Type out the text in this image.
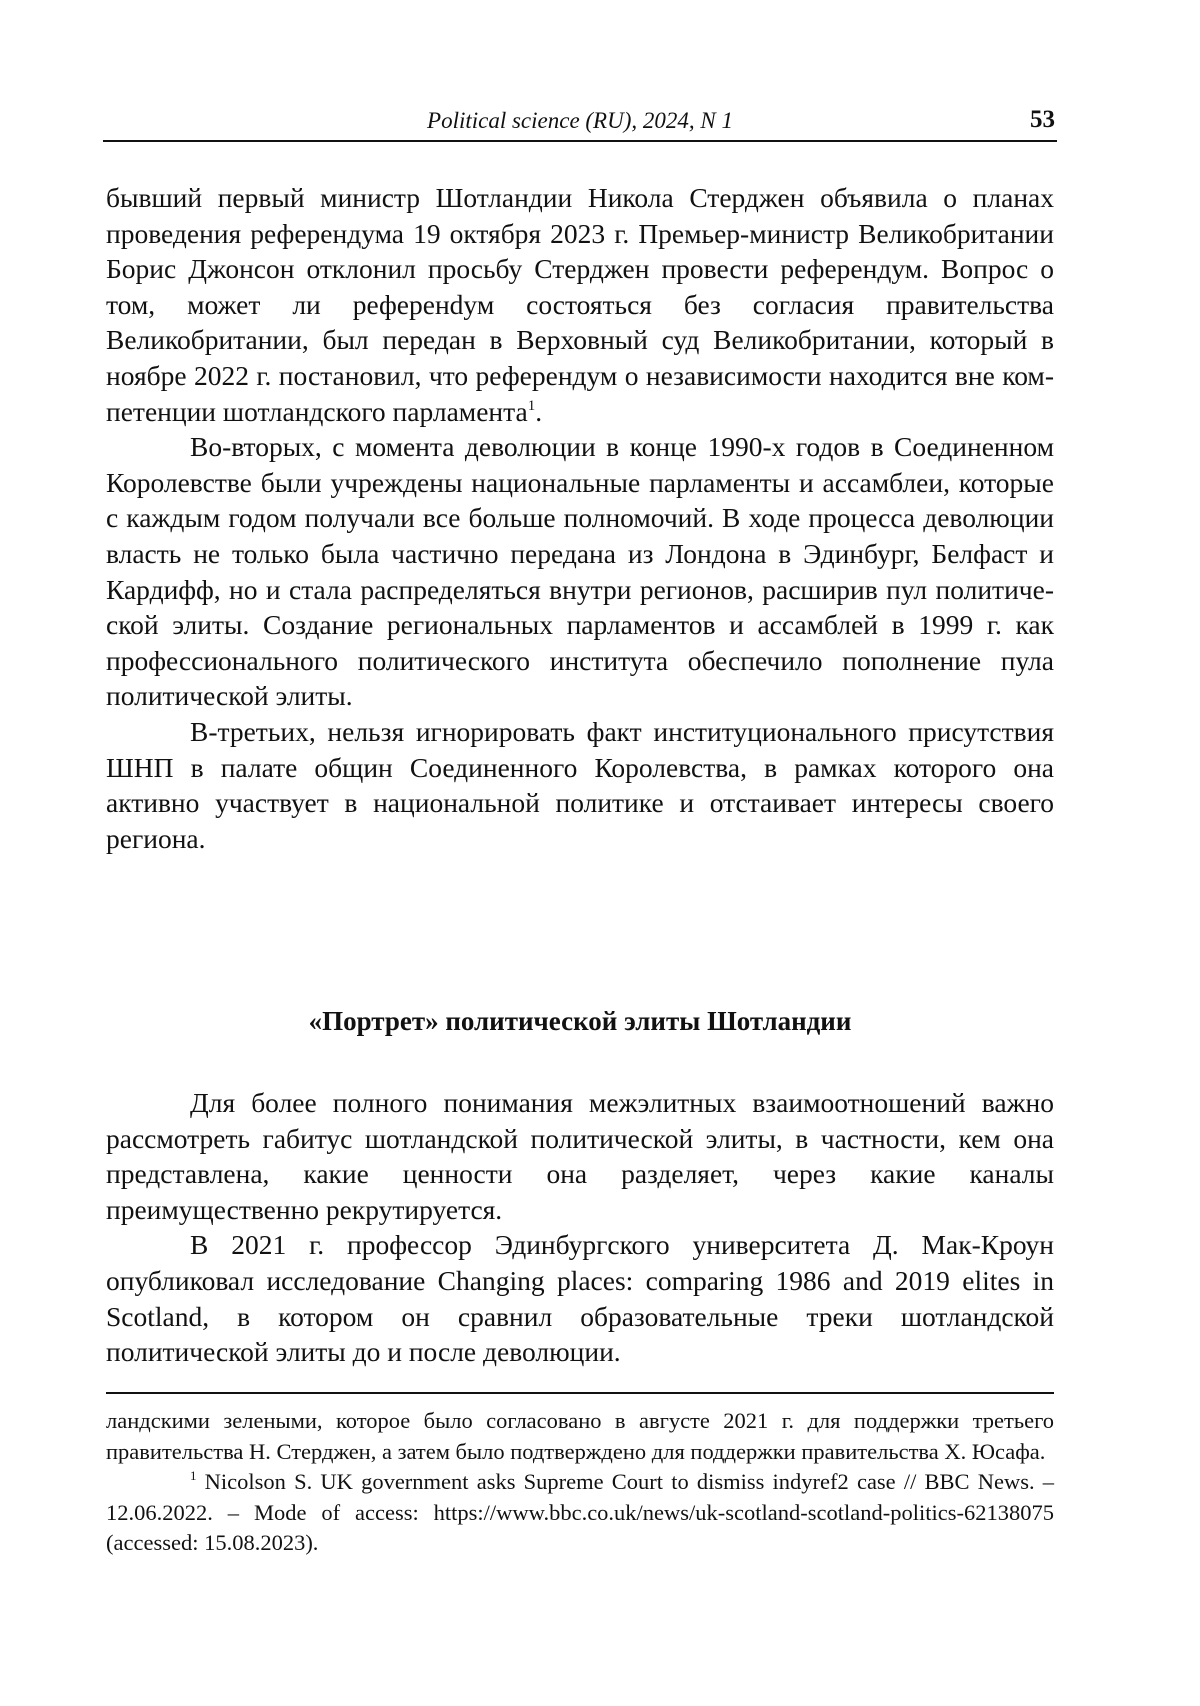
Political science (RU), 2024, N 1	53

бывший первый министр Шотландии Никола Стерджен объявила о планах проведения референдума 19 октября 2023 г. Премьер-министр Великобритании Борис Джонсон отклонил просьбу Стерджен провести референдум. Вопрос о том, может ли референdум состояться без согласия правительства Великобритании, был передан в Верховный суд Великобритании, который в ноябре 2022 г. постановил, что референдум о независимости находится вне компетенции шотландского парламента$^1$.

Во-вторых, с момента деволюции в конце 1990-х годов в Соединенном Королевстве были учреждены национальные парламенты и ассамблеи, которые с каждым годом получали все больше полномочий. В ходе процесса деволюции власть не только была частично передана из Лондона в Эдинбург, Белфаст и Кардифф, но и стала распределяться внутри регионов, расширив пул политической элиты. Создание региональных парламентов и ассамблей в 1999 г. как профессионального политического института обеспечило пополнение пула политической элиты.

В-третьих, нельзя игнорировать факт институционального присутствия ШНП в палате общин Соединенного Королевства, в рамках которого она активно участвует в национальной политике и отстаивает интересы своего региона.

«Портрет» политической элиты Шотландии

Для более полного понимания межэлитных взаимоотношений важно рассмотреть габитус шотландской политической элиты, в частности, кем она представлена, какие ценности она разделяет, через какие каналы преимущественно рекрутируется.

В 2021 г. профессор Эдинбургского университета Д. Мак-Кроун опубликовал исследование Changing places: comparing 1986 and 2019 elites in Scotland, в котором он сравнил образовательные треки шотландской политической элиты до и после деволюции.

ландскими зелеными, которое было согласовано в августе 2021 г. для поддержки третьего правительства Н. Стерджен, а затем было подтверждено для поддержки правительства Х. Юсафа.

$^1$ Nicolson S. UK government asks Supreme Court to dismiss indyref2 case // BBC News. – 12.06.2022. – Mode of access: https://www.bbc.co.uk/news/uk-scotland-scotland-politics-62138075 (accessed: 15.08.2023).
